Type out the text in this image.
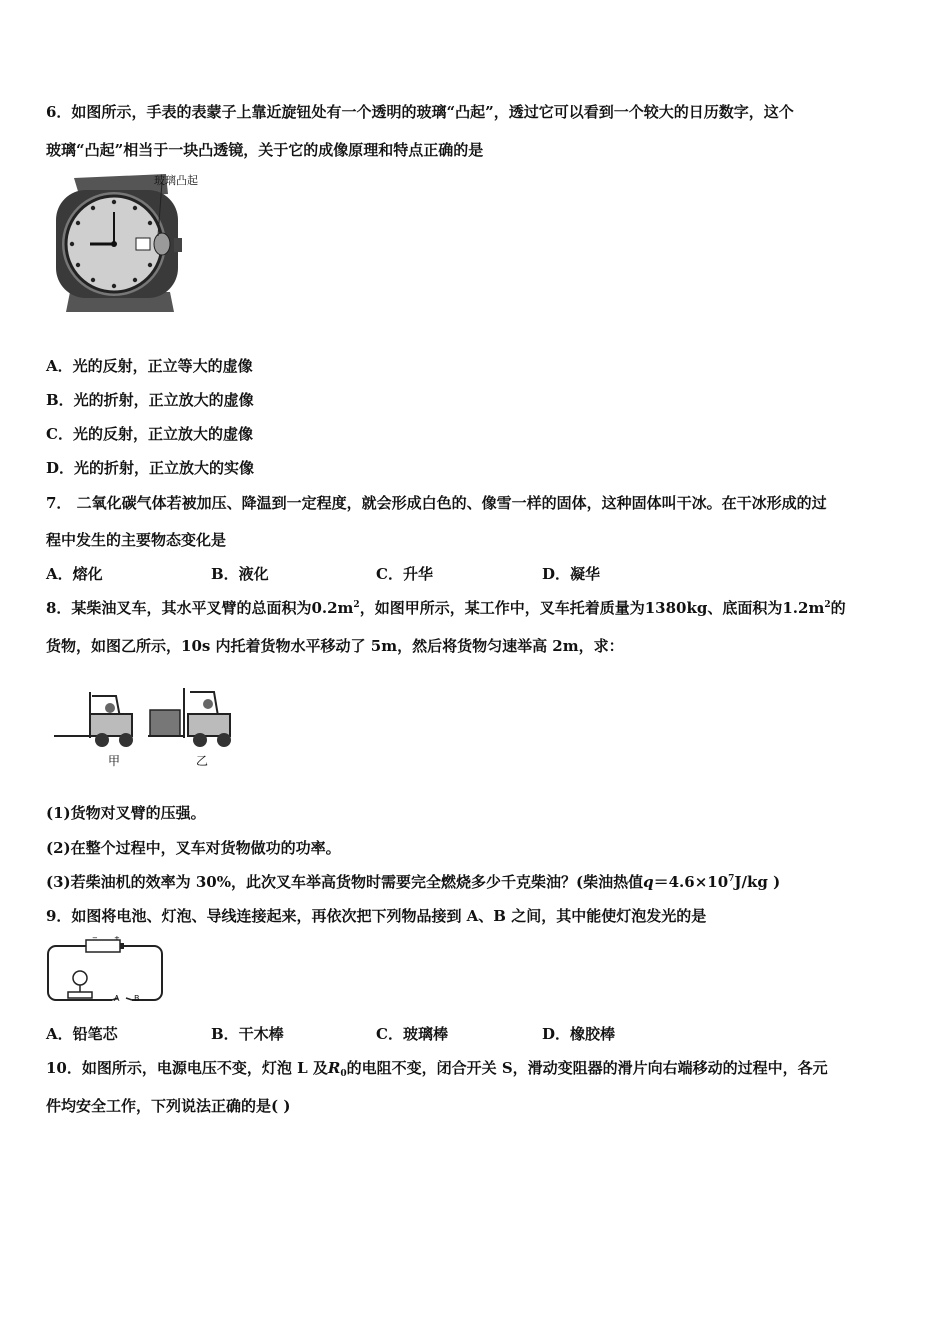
6．如图所示，手表的表蒙子上靠近旋钮处有一个透明的玻璃“凸起”，透过它可以看到一个较大的日历数字，这个
玻璃“凸起”相当于一块凸透镜，关于它的成像原理和特点正确的是
玻璃凸起
A．光的反射，正立等大的虚像
B．光的折射，正立放大的虚像
C．光的反射，正立放大的虚像
D．光的折射，正立放大的实像
7． 二氧化碳气体若被加压、降温到一定程度，就会形成白色的、像雪一样的固体，这种固体叫干冰。在干冰形成的过
程中发生的主要物态变化是
A．熔化	B．液化	C．升华	D．凝华
8．某柴油叉车，其水平叉臂的总面积为$0.2m^2$，如图甲所示，某工作中，叉车托着质量为1380kg、底面积为$1.2m^2$的
货物，如图乙所示，10s 内托着货物水平移动了 5m，然后将货物匀速举高 2m，求：
甲	乙
(1)货物对叉臂的压强。
(2)在整个过程中，叉车对货物做功的功率。
(3)若柴油机的效率为 30%，此次叉车举高货物时需要完全燃烧多少千克柴油？(柴油热值$q=4.6\times 10^7J/kg$ )
9．如图将电池、灯泡、导线连接起来，再依次把下列物品接到 A、B 之间，其中能使灯泡发光的是
− +
A B
A．铅笔芯	B．干木棒	C．玻璃棒	D．橡胶棒
10．如图所示，电源电压不变，灯泡 L 及$R_0$的电阻不变，闭合开关 S，滑动变阻器的滑片向右端移动的过程中，各元
件均安全工作，下列说法正确的是( )
